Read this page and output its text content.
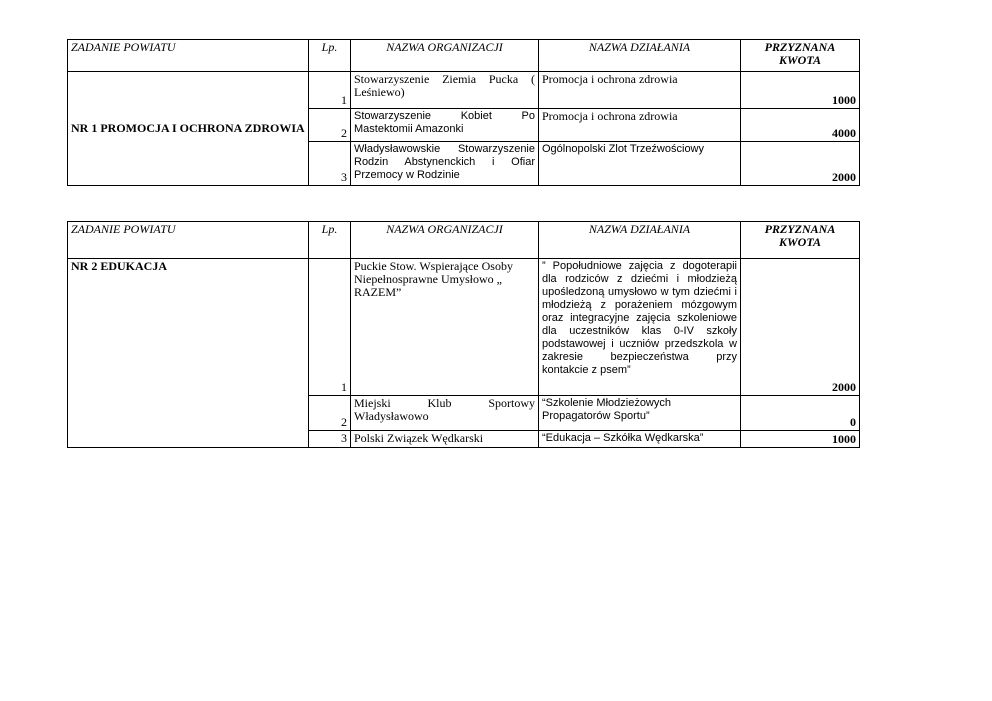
ZADANIE POWIATU	Lp.	NAZWA ORGANIZACJI	NAZWA DZIAŁANIA	PRZYZNANA KWOTA
NR 1 PROMOCJA I OCHRONA ZDROWIA	1	Stowarzyszenie Ziemia Pucka ( Leśniewo)	Promocja i ochrona zdrowia	1000
	2	Stowarzyszenie Kobiet Po Mastektomii Amazonki	Promocja i ochrona zdrowia	4000
	3	Władysławowskie Stowarzyszenie Rodzin Abstynenckich i Ofiar Przemocy w Rodzinie	Ogólnopolski Zlot Trzeźwościowy	2000
ZADANIE POWIATU	Lp.	NAZWA ORGANIZACJI	NAZWA DZIAŁANIA	PRZYZNANA KWOTA
NR 2 EDUKACJA	1	Puckie Stow. Wspierające Osoby Niepełnosprawne Umysłowo „ RAZEM”	” Popołudniowe zajęcia z dogoterapii dla rodziców z dziećmi i młodzieżą upośledzoną umysłowo w tym dziećmi i młodzieżą z porażeniem mózgowym oraz integracyjne zajęcia szkoleniowe dla uczestników klas 0-IV szkoły podstawowej i uczniów przedszkola w zakresie bezpieczeństwa przy kontakcie z psem”	2000
	2	Miejski Klub Sportowy Władysławowo	“Szkolenie Młodzieżowych Propagatorów Sportu”	0
	3	Polski Związek Wędkarski	“Edukacja – Szkółka Wędkarska”	1000
